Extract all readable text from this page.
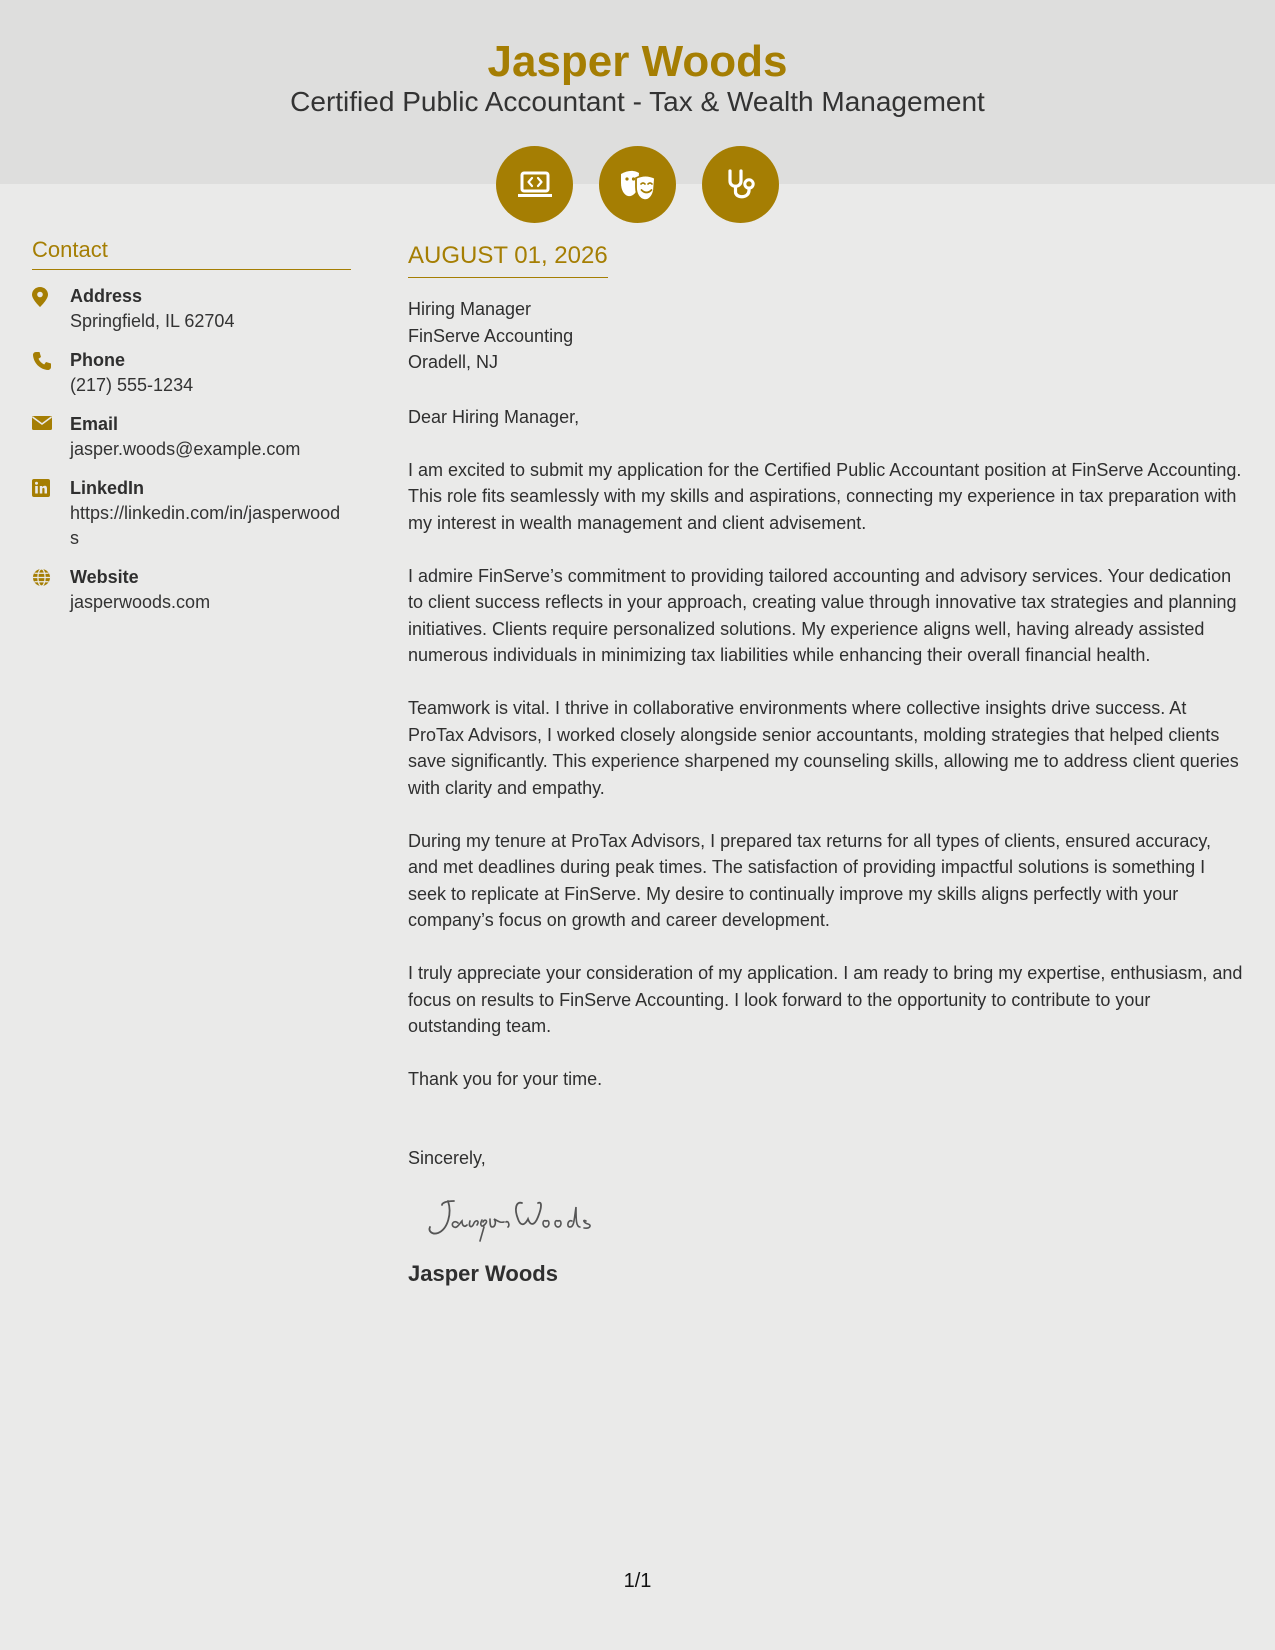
Jasper Woods
Certified Public Accountant - Tax & Wealth Management
Contact
Address
Springfield, IL 62704
Phone
(217) 555-1234
Email
jasper.woods@example.com
LinkedIn
https://linkedin.com/in/jasperwoods
Website
jasperwoods.com
AUGUST 01, 2026
Hiring Manager
FinServe Accounting
Oradell, NJ

Dear Hiring Manager,

I am excited to submit my application for the Certified Public Accountant position at FinServe Accounting. This role fits seamlessly with my skills and aspirations, connecting my experience in tax preparation with my interest in wealth management and client advisement.

I admire FinServe’s commitment to providing tailored accounting and advisory services. Your dedication to client success reflects in your approach, creating value through innovative tax strategies and planning initiatives. Clients require personalized solutions. My experience aligns well, having already assisted numerous individuals in minimizing tax liabilities while enhancing their overall financial health.

Teamwork is vital. I thrive in collaborative environments where collective insights drive success. At ProTax Advisors, I worked closely alongside senior accountants, molding strategies that helped clients save significantly. This experience sharpened my counseling skills, allowing me to address client queries with clarity and empathy.

During my tenure at ProTax Advisors, I prepared tax returns for all types of clients, ensured accuracy, and met deadlines during peak times. The satisfaction of providing impactful solutions is something I seek to replicate at FinServe. My desire to continually improve my skills aligns perfectly with your company’s focus on growth and career development.

I truly appreciate your consideration of my application. I am ready to bring my expertise, enthusiasm, and focus on results to FinServe Accounting. I look forward to the opportunity to contribute to your outstanding team.

Thank you for your time.

Sincerely,

Jasper Woods
1/1
